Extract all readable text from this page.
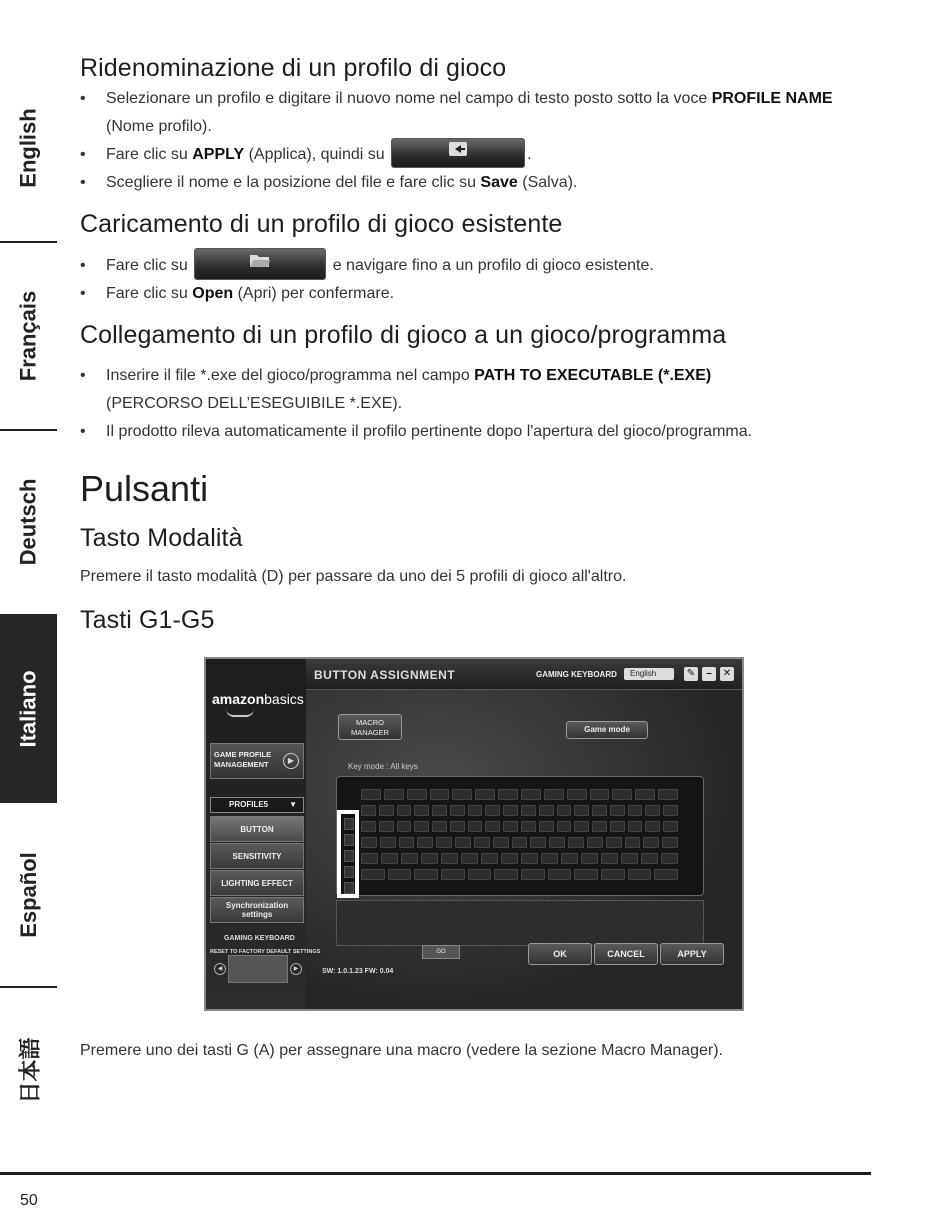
English
Français
Deutsch
Italiano
Español
日本語
Ridenominazione di un profilo di gioco
• Selezionare un profilo e digitare il nuovo nome nel campo di testo posto sotto la voce PROFILE NAME (Nome profilo).
• Fare clic su APPLY (Applica), quindi su	.
• Scegliere il nome e la posizione del file e fare clic su Save (Salva).
Caricamento di un profilo di gioco esistente
• Fare clic su	e navigare fino a un profilo di gioco esistente.
• Fare clic su Open (Apri) per confermare.
Collegamento di un profilo di gioco a un gioco/programma
• Inserire il file *.exe del gioco/programma nel campo PATH TO EXECUTABLE (*.EXE)
(PERCORSO DELL’ESEGUIBILE *.EXE).
• Il prodotto rileva automaticamente il profilo pertinente dopo l'apertura del gioco/programma.
Pulsanti
Tasto Modalità
Premere il tasto modalità (D) per passare da uno dei 5 profili di gioco all'altro.
Tasti G1-G5
amazonbasics
GAME PROFILE MANAGEMENT	▶
PROFILE5	▼
BUTTON
SENSITIVITY
LIGHTING EFFECT
Synchronization settings
GAMING KEYBOARD
◀	▶
BUTTON ASSIGNMENT	GAMING KEYBOARD	English	✎	–	✕
MACRO MANAGER	Game mode
Key mode : All keys
RESET TO FACTORY DEFAULT SETTINGS	GO	OK	CANCEL	APPLY
SW: 1.0.1.23 FW: 0.04
Premere uno dei tasti G (A) per assegnare una macro (vedere la sezione Macro Manager).
50
